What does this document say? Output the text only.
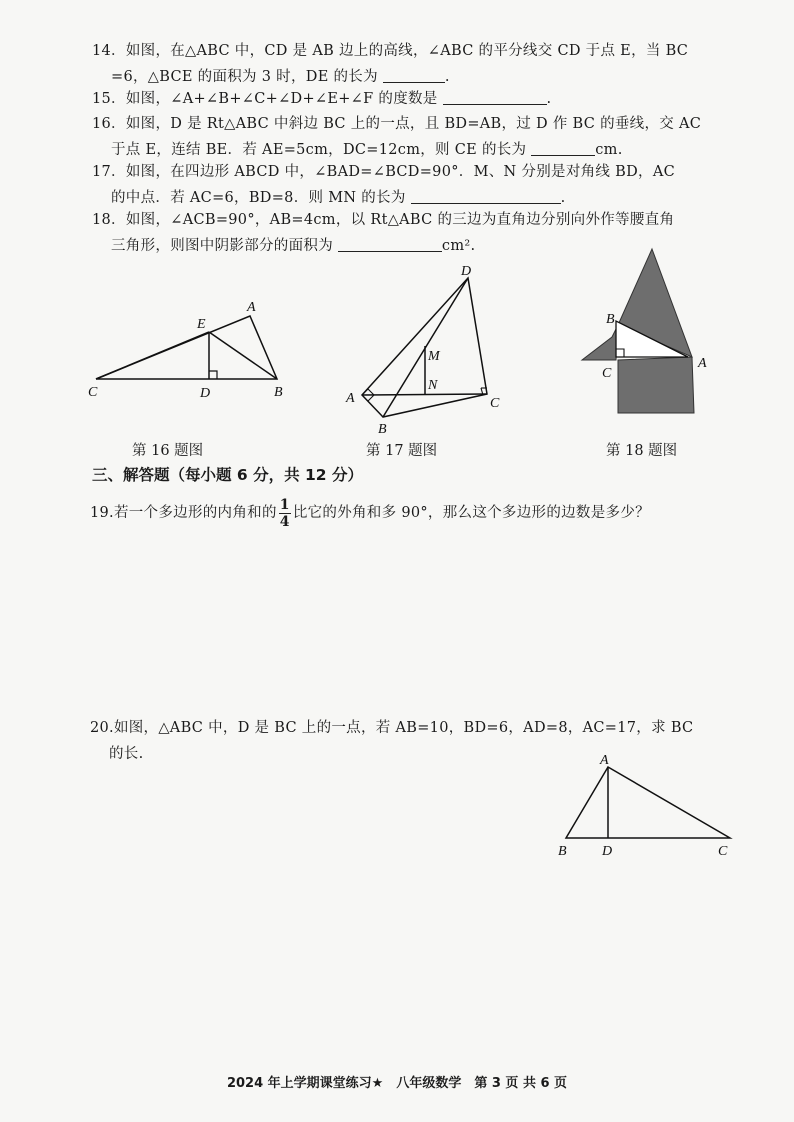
14．如图，在△ABC 中，CD 是 AB 边上的高线，∠ABC 的平分线交 CD 于点 E，当 BC
=6，△BCE 的面积为 3 时，DE 的长为	.
15．如图，∠A+∠B+∠C+∠D+∠E+∠F 的度数是	.
16．如图，D 是 Rt△ABC 中斜边 BC 上的一点，且 BD=AB，过 D 作 BC 的垂线，交 AC
于点 E，连结 BE．若 AE=5cm，DC=12cm，则 CE 的长为	cm.
17．如图，在四边形 ABCD 中，∠BAD=∠BCD=90°．M、N 分别是对角线 BD，AC
的中点．若 AC=6，BD=8．则 MN 的长为	.
18．如图，∠ACB=90°，AB=4cm，以 Rt△ABC 的三边为直角边分别向外作等腰直角
三角形，则图中阴影部分的面积为	cm².
A
B
C	D
E
D
M
N
A	C
B
B
C
A
第 16 题图	第 17 题图	第 18 题图
三、解答题（每小题 6 分，共 12 分）
19.若一个多边形的内角和的 $\frac{1}{4}$ 比它的外角和多 90°，那么这个多边形的边数是多少？
20.如图，△ABC 中，D 是 BC 上的一点，若 AB=10，BD=6，AD=8，AC=17，求 BC
的长.	A
B	D	C
2024 年上学期课堂练习★　八年级数学　第 3 页 共 6 页
